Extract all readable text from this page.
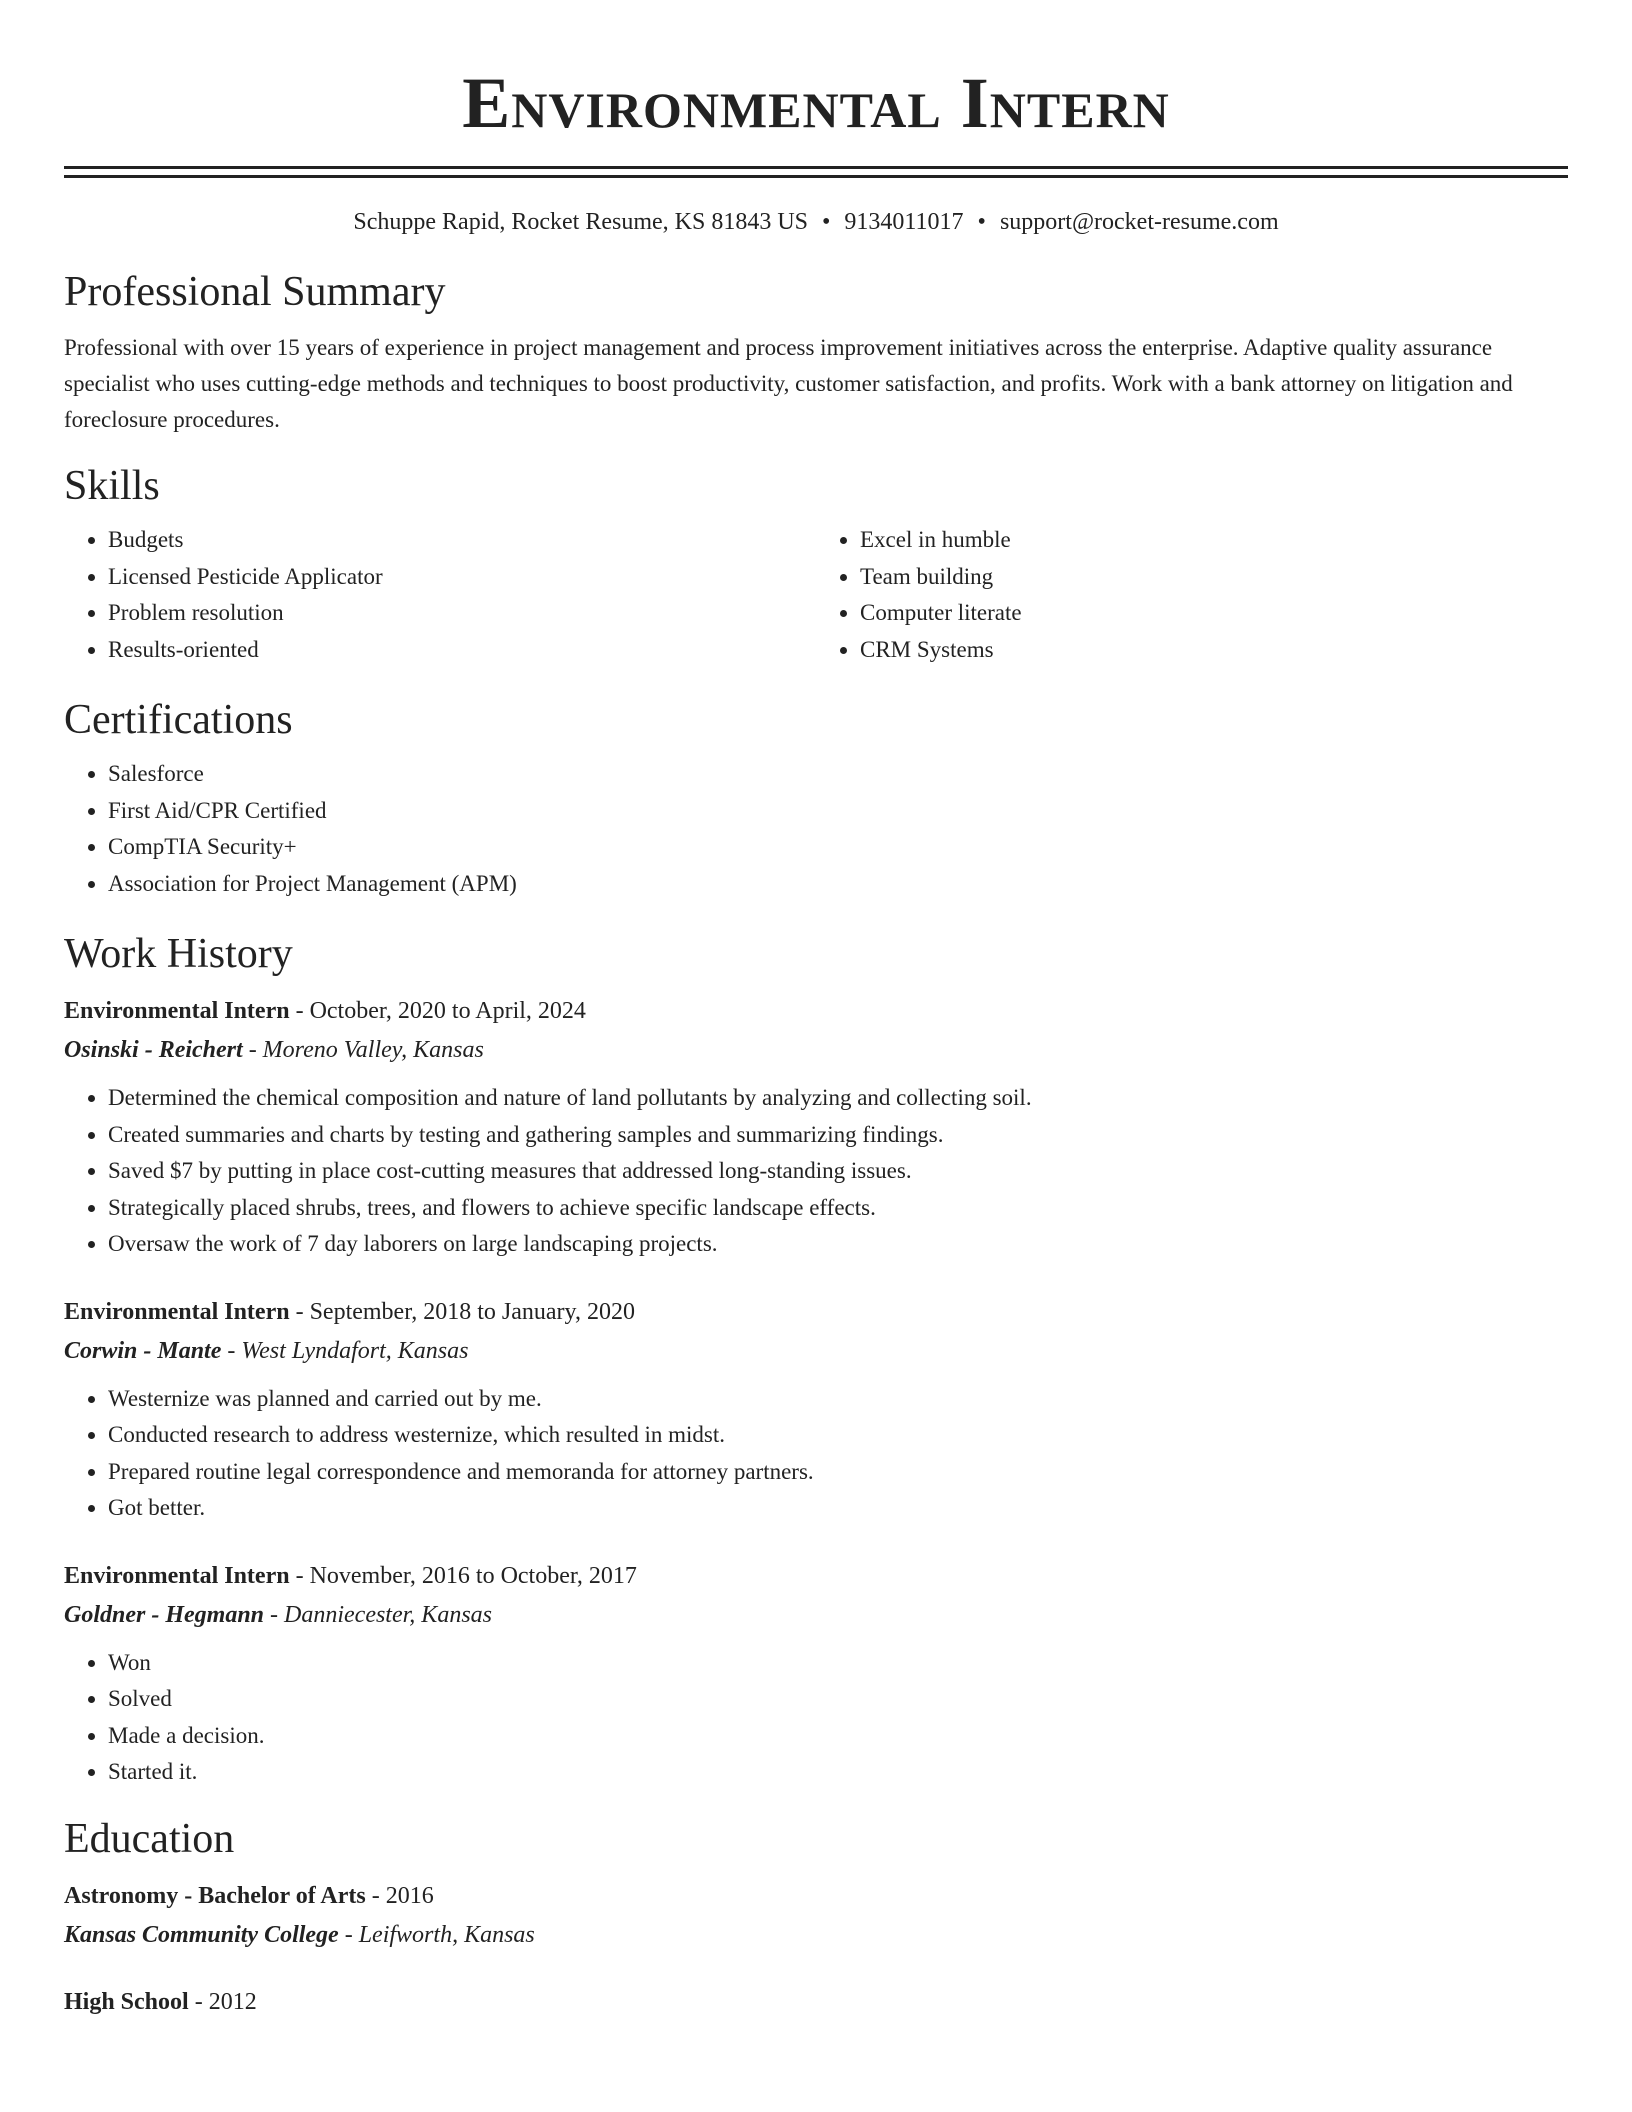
Environmental Intern
Schuppe Rapid, Rocket Resume, KS 81843 US • 9134011017 • support@rocket-resume.com
Professional Summary

Professional with over 15 years of experience in project management and process improvement initiatives across the enterprise. Adaptive quality assurance specialist who uses cutting-edge methods and techniques to boost productivity, customer satisfaction, and profits. Work with a bank attorney on litigation and foreclosure procedures.

Skills
• Budgets
• Licensed Pesticide Applicator
• Problem resolution
• Results-oriented
• Excel in humble
• Team building
• Computer literate
• CRM Systems
Certifications
• Salesforce
• First Aid/CPR Certified
• CompTIA Security+
• Association for Project Management (APM)
Work History
Environmental Intern - October, 2020 to April, 2024
Osinski - Reichert - Moreno Valley, Kansas
• Determined the chemical composition and nature of land pollutants by analyzing and collecting soil.
• Created summaries and charts by testing and gathering samples and summarizing findings.
• Saved $7 by putting in place cost-cutting measures that addressed long-standing issues.
• Strategically placed shrubs, trees, and flowers to achieve specific landscape effects.
• Oversaw the work of 7 day laborers on large landscaping projects.
Environmental Intern - September, 2018 to January, 2020
Corwin - Mante - West Lyndafort, Kansas
• Westernize was planned and carried out by me.
• Conducted research to address westernize, which resulted in midst.
• Prepared routine legal correspondence and memoranda for attorney partners.
• Got better.
Environmental Intern - November, 2016 to October, 2017
Goldner - Hegmann - Danniecester, Kansas
• Won
• Solved
• Made a decision.
• Started it.
Education
Astronomy - Bachelor of Arts - 2016
Kansas Community College - Leifworth, Kansas
High School - 2012
